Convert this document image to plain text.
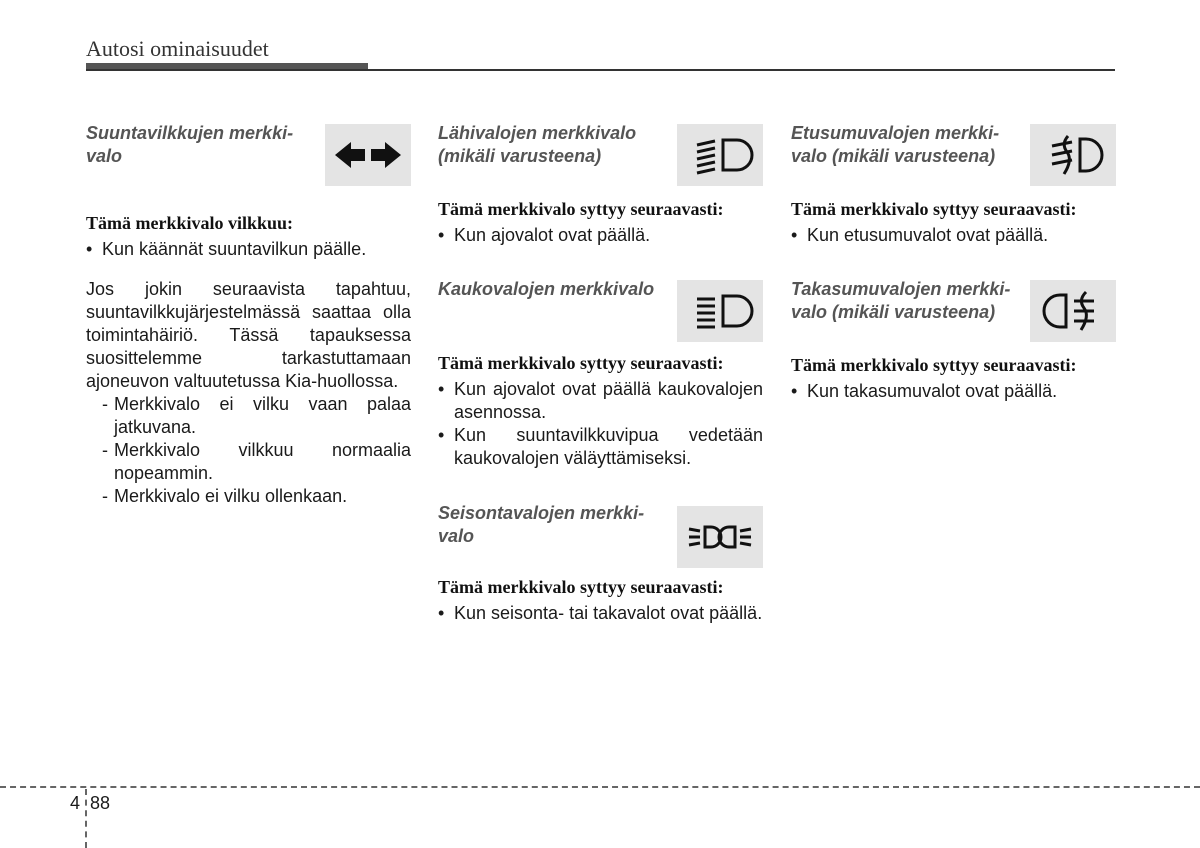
Autosi ominaisuudet
Suuntavilkkujen merkki-valo
Tämä merkkivalo vilkkuu:

• Kun käännät suuntavilkun päälle.

Jos jokin seuraavista tapahtuu, suuntavilkkujärjestelmässä saattaa olla toimintahäiriö. Tässä tapauksessa suosittelemme tarkastuttamaan ajoneuvon valtuutetussa Kia-huollossa.

- Merkkivalo ei vilku vaan palaa jatkuvana.

- Merkkivalo vilkkuu normaalia nopeammin.

- Merkkivalo ei vilku ollenkaan.

Lähivalojen merkkivalo (mikäli varusteena)
Tämä merkkivalo syttyy seuraavasti:

• Kun ajovalot ovat päällä.

Kaukovalojen merkkivalo
Tämä merkkivalo syttyy seuraavasti:

• Kun ajovalot ovat päällä kaukovalojen asennossa.

• Kun suuntavilkkuvipua vedetään kaukovalojen väläyttämiseksi.

Seisontavalojen merkki-valo
Tämä merkkivalo syttyy seuraavasti:

• Kun seisonta- tai takavalot ovat päällä.

Etusumuvalojen merkki-valo (mikäli varusteena)
Tämä merkkivalo syttyy seuraavasti:

• Kun etusumuvalot ovat päällä.

Takasumuvalojen merkki-valo (mikäli varusteena)
Tämä merkkivalo syttyy seuraavasti:

• Kun takasumuvalot ovat päällä.

4 88
